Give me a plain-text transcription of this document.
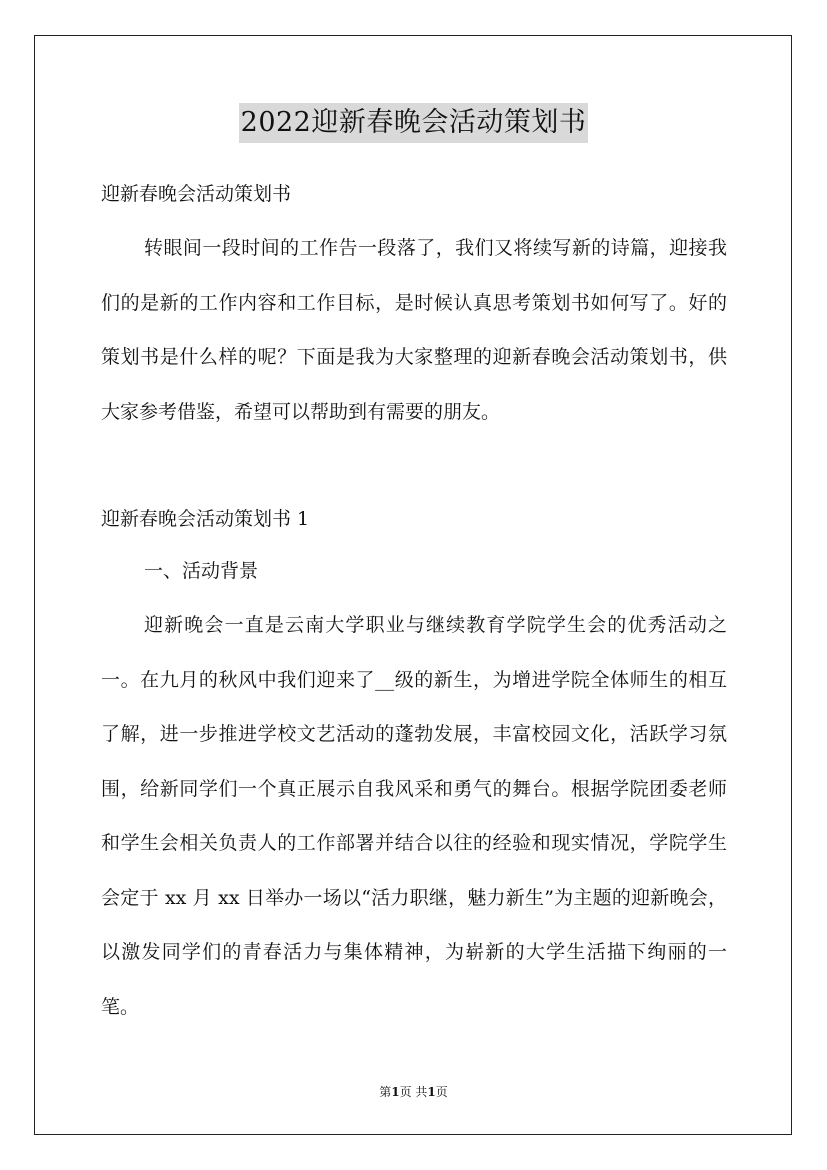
2022迎新春晚会活动策划书

迎新春晚会活动策划书

转眼间一段时间的工作告一段落了，我们又将续写新的诗篇，迎接我们的是新的工作内容和工作目标，是时候认真思考策划书如何写了。好的策划书是什么样的呢？下面是我为大家整理的迎新春晚会活动策划书，供大家参考借鉴，希望可以帮助到有需要的朋友。

迎新春晚会活动策划书 1

一、活动背景

迎新晚会一直是云南大学职业与继续教育学院学生会的优秀活动之一。在九月的秋风中我们迎来了__级的新生，为增进学院全体师生的相互了解，进一步推进学校文艺活动的蓬勃发展，丰富校园文化，活跃学习氛围，给新同学们一个真正展示自我风采和勇气的舞台。根据学院团委老师和学生会相关负责人的工作部署并结合以往的经验和现实情况，学院学生会定于 xx 月 xx 日举办一场以“活力职继，魅力新生”为主题的迎新晚会，以激发同学们的青春活力与集体精神，为崭新的大学生活描下绚丽的一笔。

第1页 共1页
